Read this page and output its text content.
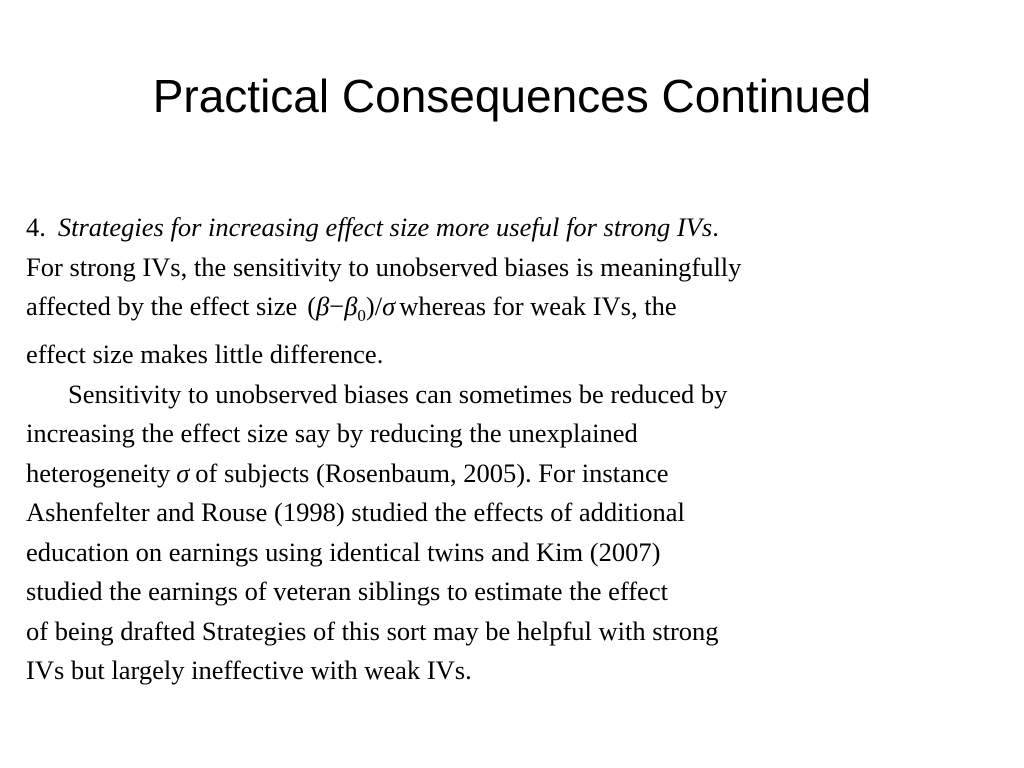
Practical Consequences Continued
4. Strategies for increasing effect size more useful for strong IVs.
For strong IVs, the sensitivity to unobserved biases is meaningfully
affected by the effect size $(\beta-\beta_0)/\sigma$ whereas for weak IVs, the
effect size makes little difference.
Sensitivity to unobserved biases can sometimes be reduced by
increasing the effect size say by reducing the unexplained
heterogeneity σ of subjects (Rosenbaum, 2005). For instance
Ashenfelter and Rouse (1998) studied the effects of additional
education on earnings using identical twins and Kim (2007)
studied the earnings of veteran siblings to estimate the effect
of being drafted Strategies of this sort may be helpful with strong
IVs but largely ineffective with weak IVs.
